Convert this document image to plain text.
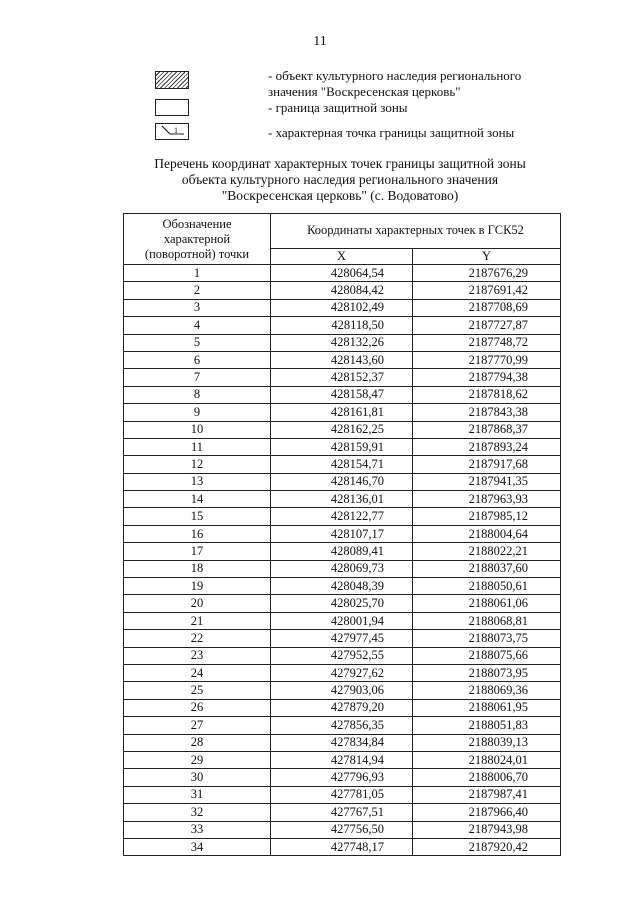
11
- объект культурного наследия регионального значения "Воскресенская церковь"
- граница защитной зоны
1	- характерная точка границы защитной зоны
Перечень координат характерных точек границы защитной зоны
объекта культурного наследия регионального значения
"Воскресенская церковь" (с. Водоватово)
Обозначение характерной (поворотной) точки	Координаты характерных точек в ГСК52	
	X	Y
1	428064,54	2187676,29
2	428084,42	2187691,42
3	428102,49	2187708,69
4	428118,50	2187727,87
5	428132,26	2187748,72
6	428143,60	2187770,99
7	428152,37	2187794,38
8	428158,47	2187818,62
9	428161,81	2187843,38
10	428162,25	2187868,37
11	428159,91	2187893,24
12	428154,71	2187917,68
13	428146,70	2187941,35
14	428136,01	2187963,93
15	428122,77	2187985,12
16	428107,17	2188004,64
17	428089,41	2188022,21
18	428069,73	2188037,60
19	428048,39	2188050,61
20	428025,70	2188061,06
21	428001,94	2188068,81
22	427977,45	2188073,75
23	427952,55	2188075,66
24	427927,62	2188073,95
25	427903,06	2188069,36
26	427879,20	2188061,95
27	427856,35	2188051,83
28	427834,84	2188039,13
29	427814,94	2188024,01
30	427796,93	2188006,70
31	427781,05	2187987,41
32	427767,51	2187966,40
33	427756,50	2187943,98
34	427748,17	2187920,42
